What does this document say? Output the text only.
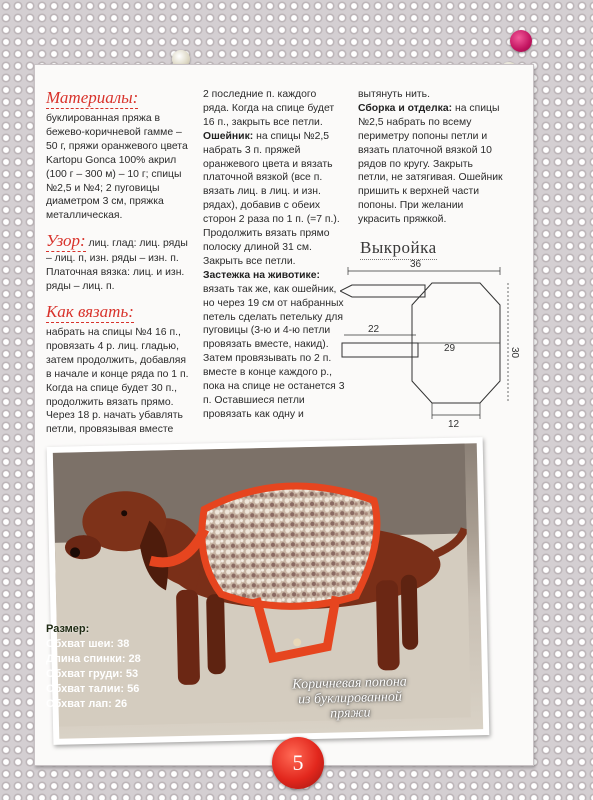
Материалы:

буклированная пряжа в бежево-коричневой гамме – 50 г, пряжи оранжевого цвета Kartopu Gonca 100% акрил (100 г – 300 м) – 10 г; спицы №2,5 и №4; 2 пуговицы диаметром 3 см, пряжка металлическая.

Узор: лиц. глад: лиц. ряды – лиц. п, изн. ряды – изн. п. Платочная вязка: лиц. и изн. ряды – лиц. п.

Как вязать:

набрать на спицы №4 16 п., провязать 4 р. лиц. гладью, затем продолжить, добавляя в начале и конце ряда по 1 п. Когда на спице будет 30 п., продолжить вязать прямо. Через 18 р. начать убавлять петли, провязывая вместе

2 последние п. каждого ряда. Когда на спице будет 16 п., закрыть все петли.

Ошейник: на спицы №2,5 набрать 3 п. пряжей оранжевого цвета и вязать платочной вязкой (все п. вязать лиц. в лиц. и изн. рядах), добавив с обеих сторон 2 раза по 1 п. (=7 п.). Продолжить вязать прямо полоску длиной 31 см. Закрыть все петли.

Застежка на животике: вязать так же, как ошейник, но через 19 см от набранных петель сделать петельку для пуговицы (3-ю и 4-ю петли провязать вместе, накид). Затем провязывать по 2 п. вместе в конце каждого р., пока на спице не останется 3 п. Оставшиеся петли провязать как одну и

вытянуть нить.

Сборка и отделка: на спицы №2,5 набрать по всему периметру попоны петли и вязать платочной вязкой 10 рядов по кругу. Закрыть петли, не затягивая. Ошейник пришить к верхней части попоны. При желании украсить пряжкой.

Выкройка
36
22
29	30
12
Размер:
Обхват шеи: 38
Длина спинки: 28
Обхват груди: 53
Обхват талии: 56
Обхват лап: 26
Коричневая попона
из буклированной
пряжи
5
